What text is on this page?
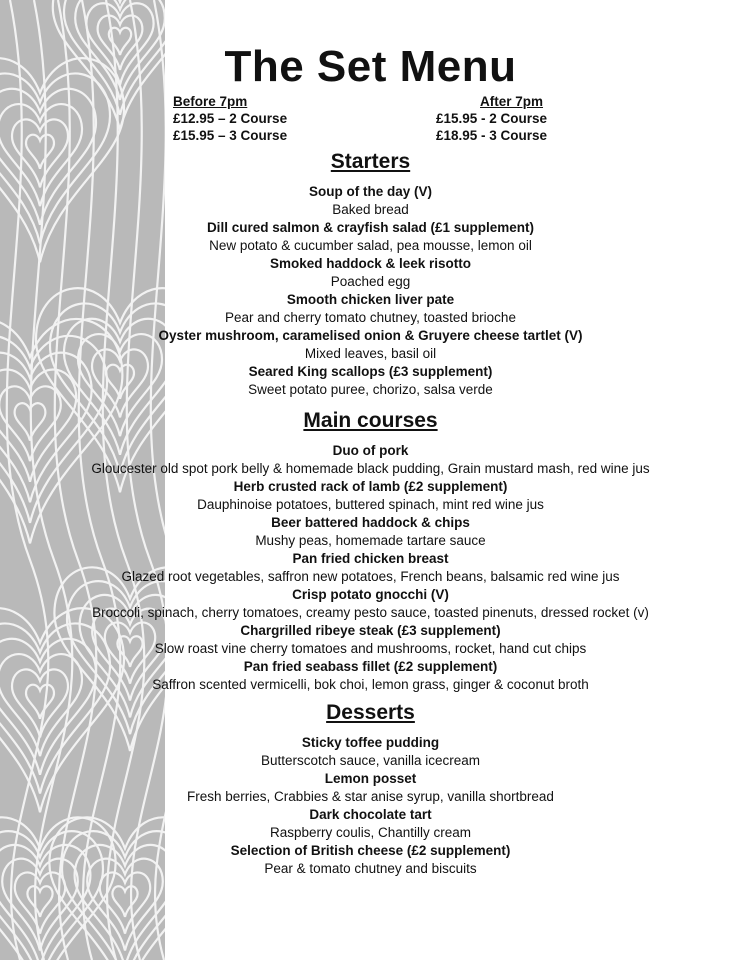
The Set Menu
Before 7pm
£12.95 – 2 Course
£15.95 – 3 Course
After 7pm
£15.95 - 2 Course
£18.95 - 3 Course
Starters
Soup of the day (V)
Baked bread
Dill cured salmon & crayfish salad (£1 supplement)
New potato & cucumber salad, pea mousse, lemon oil
Smoked haddock & leek risotto
Poached egg
Smooth chicken liver pate
Pear and cherry tomato chutney, toasted brioche
Oyster mushroom, caramelised onion & Gruyere cheese tartlet (V)
Mixed leaves, basil oil
Seared King scallops (£3 supplement)
Sweet potato puree, chorizo, salsa verde
Main courses
Duo of pork
Gloucester old spot pork belly & homemade black pudding, Grain mustard mash, red wine jus
Herb crusted rack of lamb (£2 supplement)
Dauphinoise potatoes, buttered spinach, mint red wine jus
Beer battered haddock & chips
Mushy peas, homemade tartare sauce
Pan fried chicken breast
Glazed root vegetables, saffron new potatoes, French beans, balsamic red wine jus
Crisp potato gnocchi (V)
Broccoli, spinach, cherry tomatoes, creamy pesto sauce, toasted pinenuts, dressed rocket (v)
Chargrilled ribeye steak (£3 supplement)
Slow roast vine cherry tomatoes and mushrooms, rocket, hand cut chips
Pan fried seabass fillet (£2 supplement)
Saffron scented vermicelli, bok choi, lemon grass, ginger & coconut broth
Desserts
Sticky toffee pudding
Butterscotch sauce, vanilla icecream
Lemon posset
Fresh berries, Crabbies & star anise syrup, vanilla shortbread
Dark chocolate tart
Raspberry coulis, Chantilly cream
Selection of British cheese (£2 supplement)
Pear & tomato chutney and biscuits
